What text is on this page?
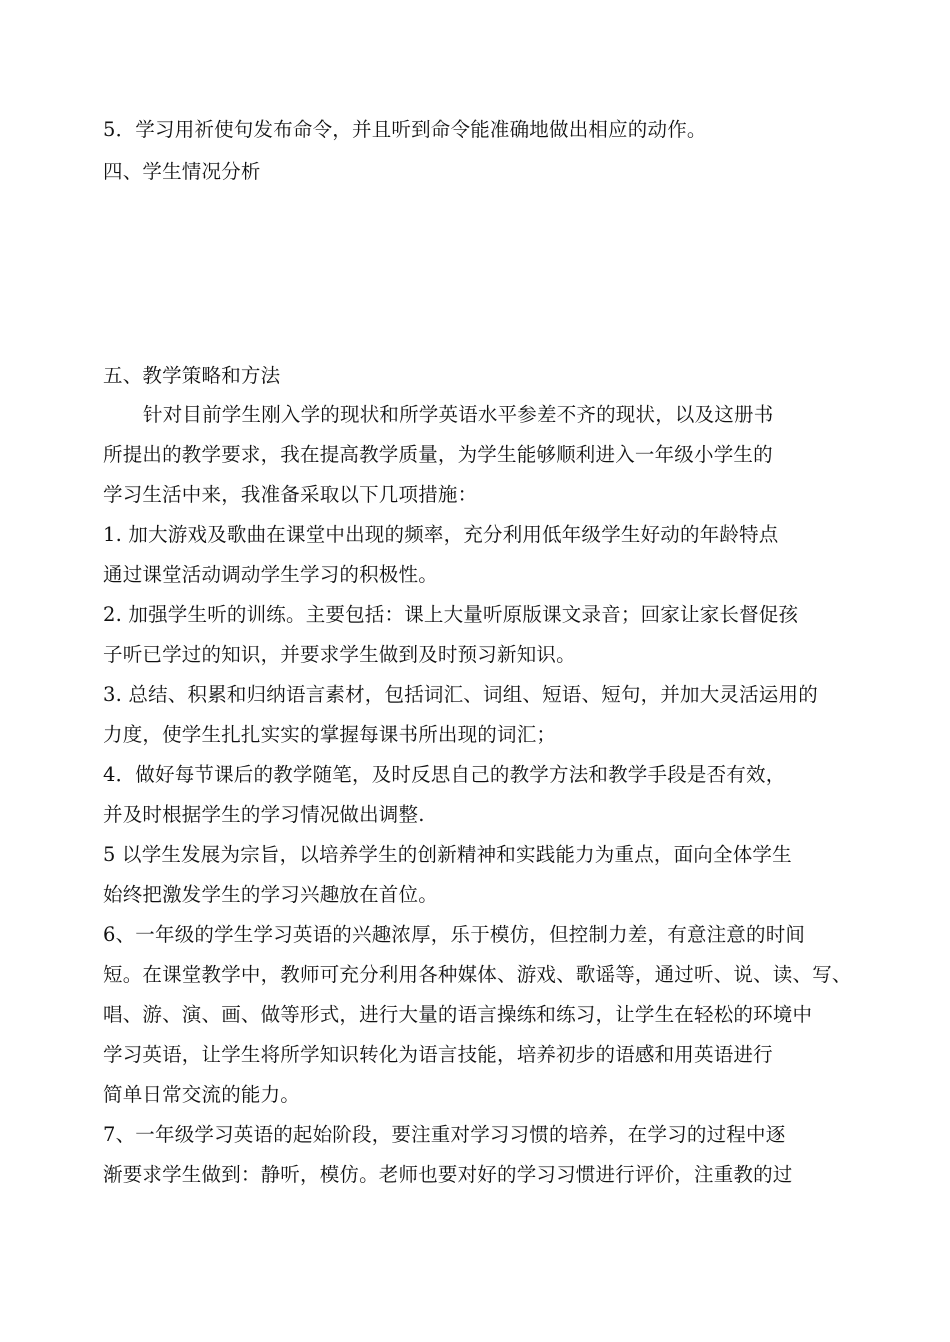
5．学习用祈使句发布命令，并且听到命令能准确地做出相应的动作。
四、学生情况分析
五、教学策略和方法
针对目前学生刚入学的现状和所学英语水平参差不齐的现状，以及这册书
所提出的教学要求，我在提高教学质量，为学生能够顺利进入一年级小学生的
学习生活中来，我准备采取以下几项措施：
1. 加大游戏及歌曲在课堂中出现的频率，充分利用低年级学生好动的年龄特点
通过课堂活动调动学生学习的积极性。
2. 加强学生听的训练。主要包括：课上大量听原版课文录音；回家让家长督促孩
子听已学过的知识，并要求学生做到及时预习新知识。
3. 总结、积累和归纳语言素材，包括词汇、词组、短语、短句，并加大灵活运用的
力度，使学生扎扎实实的掌握每课书所出现的词汇；
4．做好每节课后的教学随笔，及时反思自己的教学方法和教学手段是否有效，
并及时根据学生的学习情况做出调整.
5 以学生发展为宗旨，以培养学生的创新精神和实践能力为重点，面向全体学生
始终把激发学生的学习兴趣放在首位。
6、一年级的学生学习英语的兴趣浓厚，乐于模仿，但控制力差，有意注意的时间
短。在课堂教学中，教师可充分利用各种媒体、游戏、歌谣等，通过听、说、读、写、
唱、游、演、画、做等形式，进行大量的语言操练和练习，让学生在轻松的环境中
学习英语，让学生将所学知识转化为语言技能，培养初步的语感和用英语进行
简单日常交流的能力。
7、一年级学习英语的起始阶段，要注重对学习习惯的培养，在学习的过程中逐
渐要求学生做到：静听，模仿。老师也要对好的学习习惯进行评价，注重教的过
